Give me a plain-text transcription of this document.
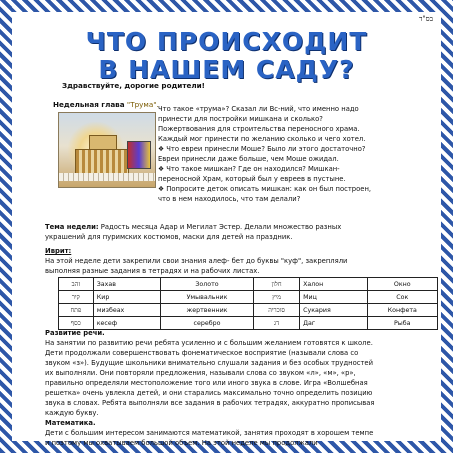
בס"ד
ЧТО ПРОИСХОДИТ
В НАШЕМ САДУ?
Здравствуйте, дорогие родители!
Недельная глава "Трума". Что такое «трума»? Сказал ли Вс-ний, что именно надо

принести для постройки мишкана и сколько?

Пожертвования для строительства переносного храма.

Каждый мог принести по желанию сколько и чего хотел.

❖ Что евреи принесли Моше? Было ли этого достаточно?

Евреи принесли даже больше, чем Моше ожидал.

❖ Что такое мишкан? Где он находился? Мишкан-

переносной Храм, который был у евреев в пустыне.

❖ Попросите деток описать мишкан: как он был построен,

что в нем находилось, что там делали?

Тема недели: Радость месяца Адар и Мегилат Эстер. Делали множество разных
украшений для пуримских костюмов, маски для детей на праздник.
Иврит:
На этой неделе дети закрепили свои знания алеф- бет до буквы "куф", закрепляли
выполняя разные задания в тетрадях и на рабочих листах.
זהב	Захав	Золото	חלון	Халон	Окно
קיר	Кир	Умывальник	מיץ	Миц	Сок
פתח	мизбеах	жертвенник	סוכריה	Сукария	Конфета
כסף	кесеф	серебро	דג	Даг	Рыба
Развитие речи.
На занятии по развитию речи ребята усиленно и с большим желанием готовятся к школе.
Дети продолжали совершенствовать фонематическое восприятие (называли слова со
звуком «з»). Будущие школьники внимательно слушали задания и без особых трудностей
их выполняли. Они повторяли предложения, называли слова со звуком «л», «м», «р»,
правильно определяли местоположение того или иного звука в слове. Игра «Волшебная
решетка» очень увлекла детей, и они старались максимально точно определить позицию
звука в словах. Ребята выполняли все задания в рабочих тетрадях, аккуратно прописывая
каждую букву.
Математика.
Дети с большим интересом занимаются математикой, занятия проходят в хорошем темпе
и поэтому мы охватываем большой объем. На этой неделе мы продолжали
